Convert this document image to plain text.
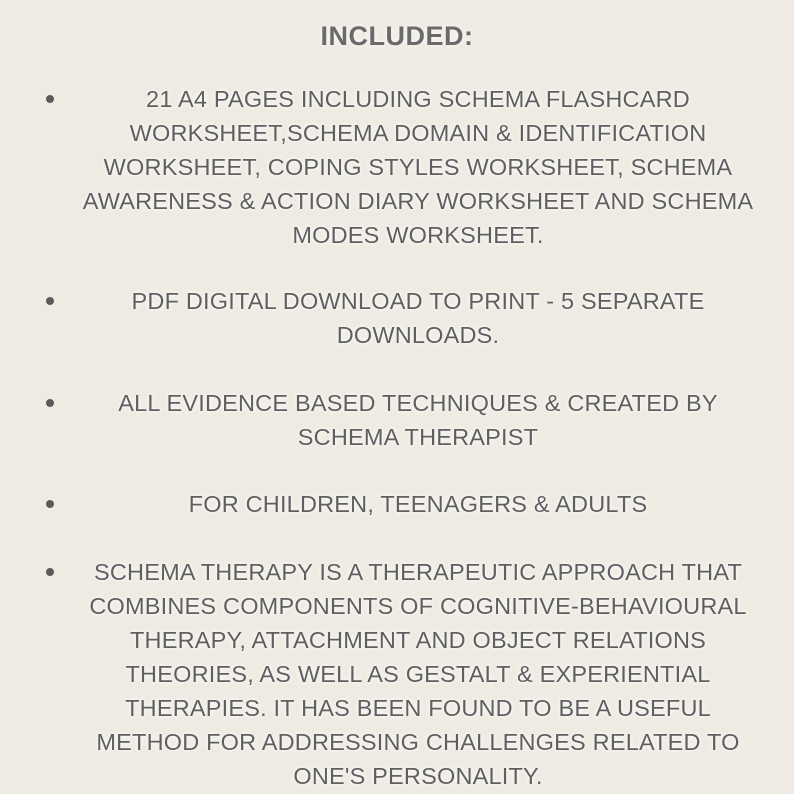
INCLUDED:
21 A4 PAGES INCLUDING SCHEMA FLASHCARD WORKSHEET,SCHEMA DOMAIN & IDENTIFICATION WORKSHEET, COPING STYLES WORKSHEET, SCHEMA AWARENESS & ACTION DIARY WORKSHEET AND SCHEMA MODES WORKSHEET.
PDF DIGITAL DOWNLOAD TO PRINT - 5 SEPARATE DOWNLOADS.
ALL EVIDENCE BASED TECHNIQUES & CREATED BY SCHEMA THERAPIST
FOR CHILDREN, TEENAGERS & ADULTS
SCHEMA THERAPY IS A THERAPEUTIC APPROACH THAT COMBINES COMPONENTS OF COGNITIVE-BEHAVIOURAL THERAPY, ATTACHMENT AND OBJECT RELATIONS THEORIES, AS WELL AS GESTALT & EXPERIENTIAL THERAPIES. IT HAS BEEN FOUND TO BE A USEFUL METHOD FOR ADDRESSING CHALLENGES RELATED TO ONE'S PERSONALITY.
